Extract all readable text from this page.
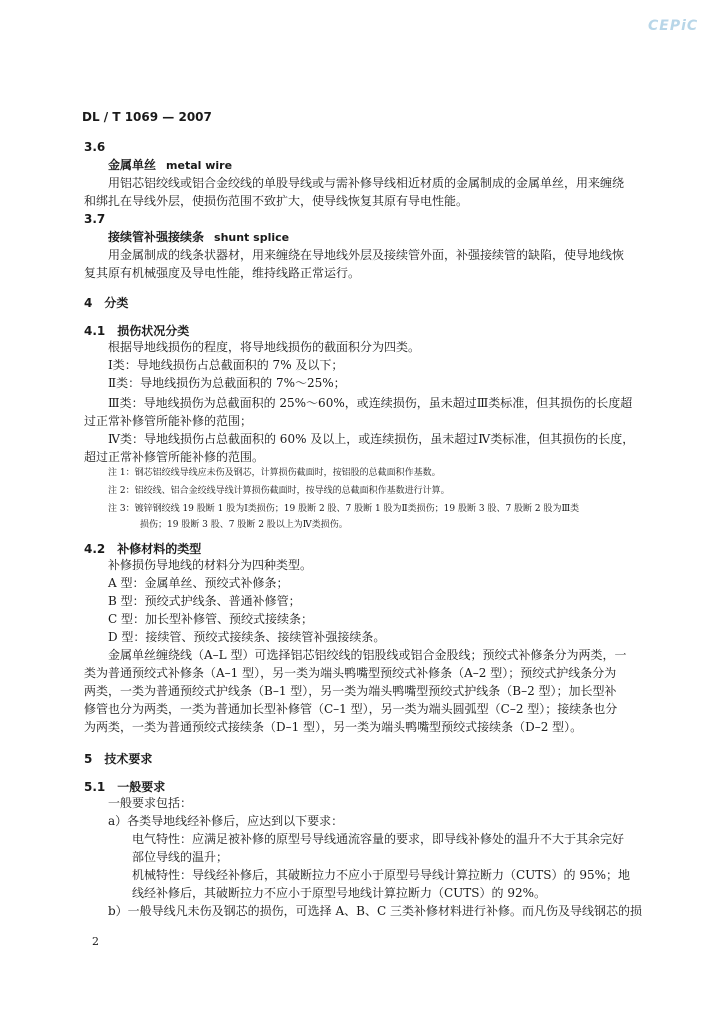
CEPiC
DL / T 1069 — 2007
3.6
金属单丝 metal wire
用铝芯铝绞线或铝合金绞线的单股导线或与需补修导线相近材质的金属制成的金属单丝，用来缠绕
和绑扎在导线外层，使损伤范围不致扩大，使导线恢复其原有导电性能。
3.7
接续管补强接续条 shunt splice
用金属制成的线条状器材，用来缠绕在导地线外层及接续管外面，补强接续管的缺陷，使导地线恢
复其原有机械强度及导电性能，维持线路正常运行。
4　分类
4.1　损伤状况分类
根据导地线损伤的程度，将导地线损伤的截面积分为四类。
Ⅰ类：导地线损伤占总截面积的 7% 及以下；
Ⅱ类：导地线损伤为总截面积的 7%～25%；
Ⅲ类：导地线损伤为总截面积的 25%～60%，或连续损伤，虽未超过Ⅲ类标准，但其损伤的长度超
过正常补修管所能补修的范围；
Ⅳ类：导地线损伤占总截面积的 60% 及以上，或连续损伤，虽未超过Ⅳ类标准，但其损伤的长度，
超过正常补修管所能补修的范围。
注 1：钢芯铝绞线导线应未伤及钢芯，计算损伤截面时，按铝股的总截面积作基数。
注 2：铝绞线、铝合金绞线导线计算损伤截面时，按导线的总截面积作基数进行计算。
注 3：镀锌钢绞线 19 股断 1 股为Ⅰ类损伤；19 股断 2 股、7 股断 1 股为Ⅱ类损伤；19 股断 3 股、7 股断 2 股为Ⅲ类
损伤；19 股断 3 股、7 股断 2 股以上为Ⅳ类损伤。
4.2　补修材料的类型
补修损伤导地线的材料分为四种类型。
A 型：金属单丝、预绞式补修条；
B 型：预绞式护线条、普通补修管；
C 型：加长型补修管、预绞式接续条；
D 型：接续管、预绞式接续条、接续管补强接续条。
金属单丝缠绕线（A–L 型）可选择铝芯铝绞线的铝股线或铝合金股线；预绞式补修条分为两类，一
类为普通预绞式补修条（A–1 型），另一类为端头鸭嘴型预绞式补修条（A–2 型）；预绞式护线条分为
两类，一类为普通预绞式护线条（B–1 型），另一类为端头鸭嘴型预绞式护线条（B–2 型）；加长型补
修管也分为两类，一类为普通加长型补修管（C–1 型），另一类为端头圆弧型（C–2 型）；接续条也分
为两类，一类为普通预绞式接续条（D–1 型），另一类为端头鸭嘴型预绞式接续条（D–2 型）。
5　技术要求
5.1　一般要求
一般要求包括：
a）各类导地线经补修后，应达到以下要求：
电气特性：应满足被补修的原型号导线通流容量的要求，即导线补修处的温升不大于其余完好
部位导线的温升；
机械特性：导线经补修后，其破断拉力不应小于原型号导线计算拉断力（CUTS）的 95%；地
线经补修后，其破断拉力不应小于原型号地线计算拉断力（CUTS）的 92%。
b）一般导线凡未伤及钢芯的损伤，可选择 A、B、C 三类补修材料进行补修。而凡伤及导线钢芯的损
2
